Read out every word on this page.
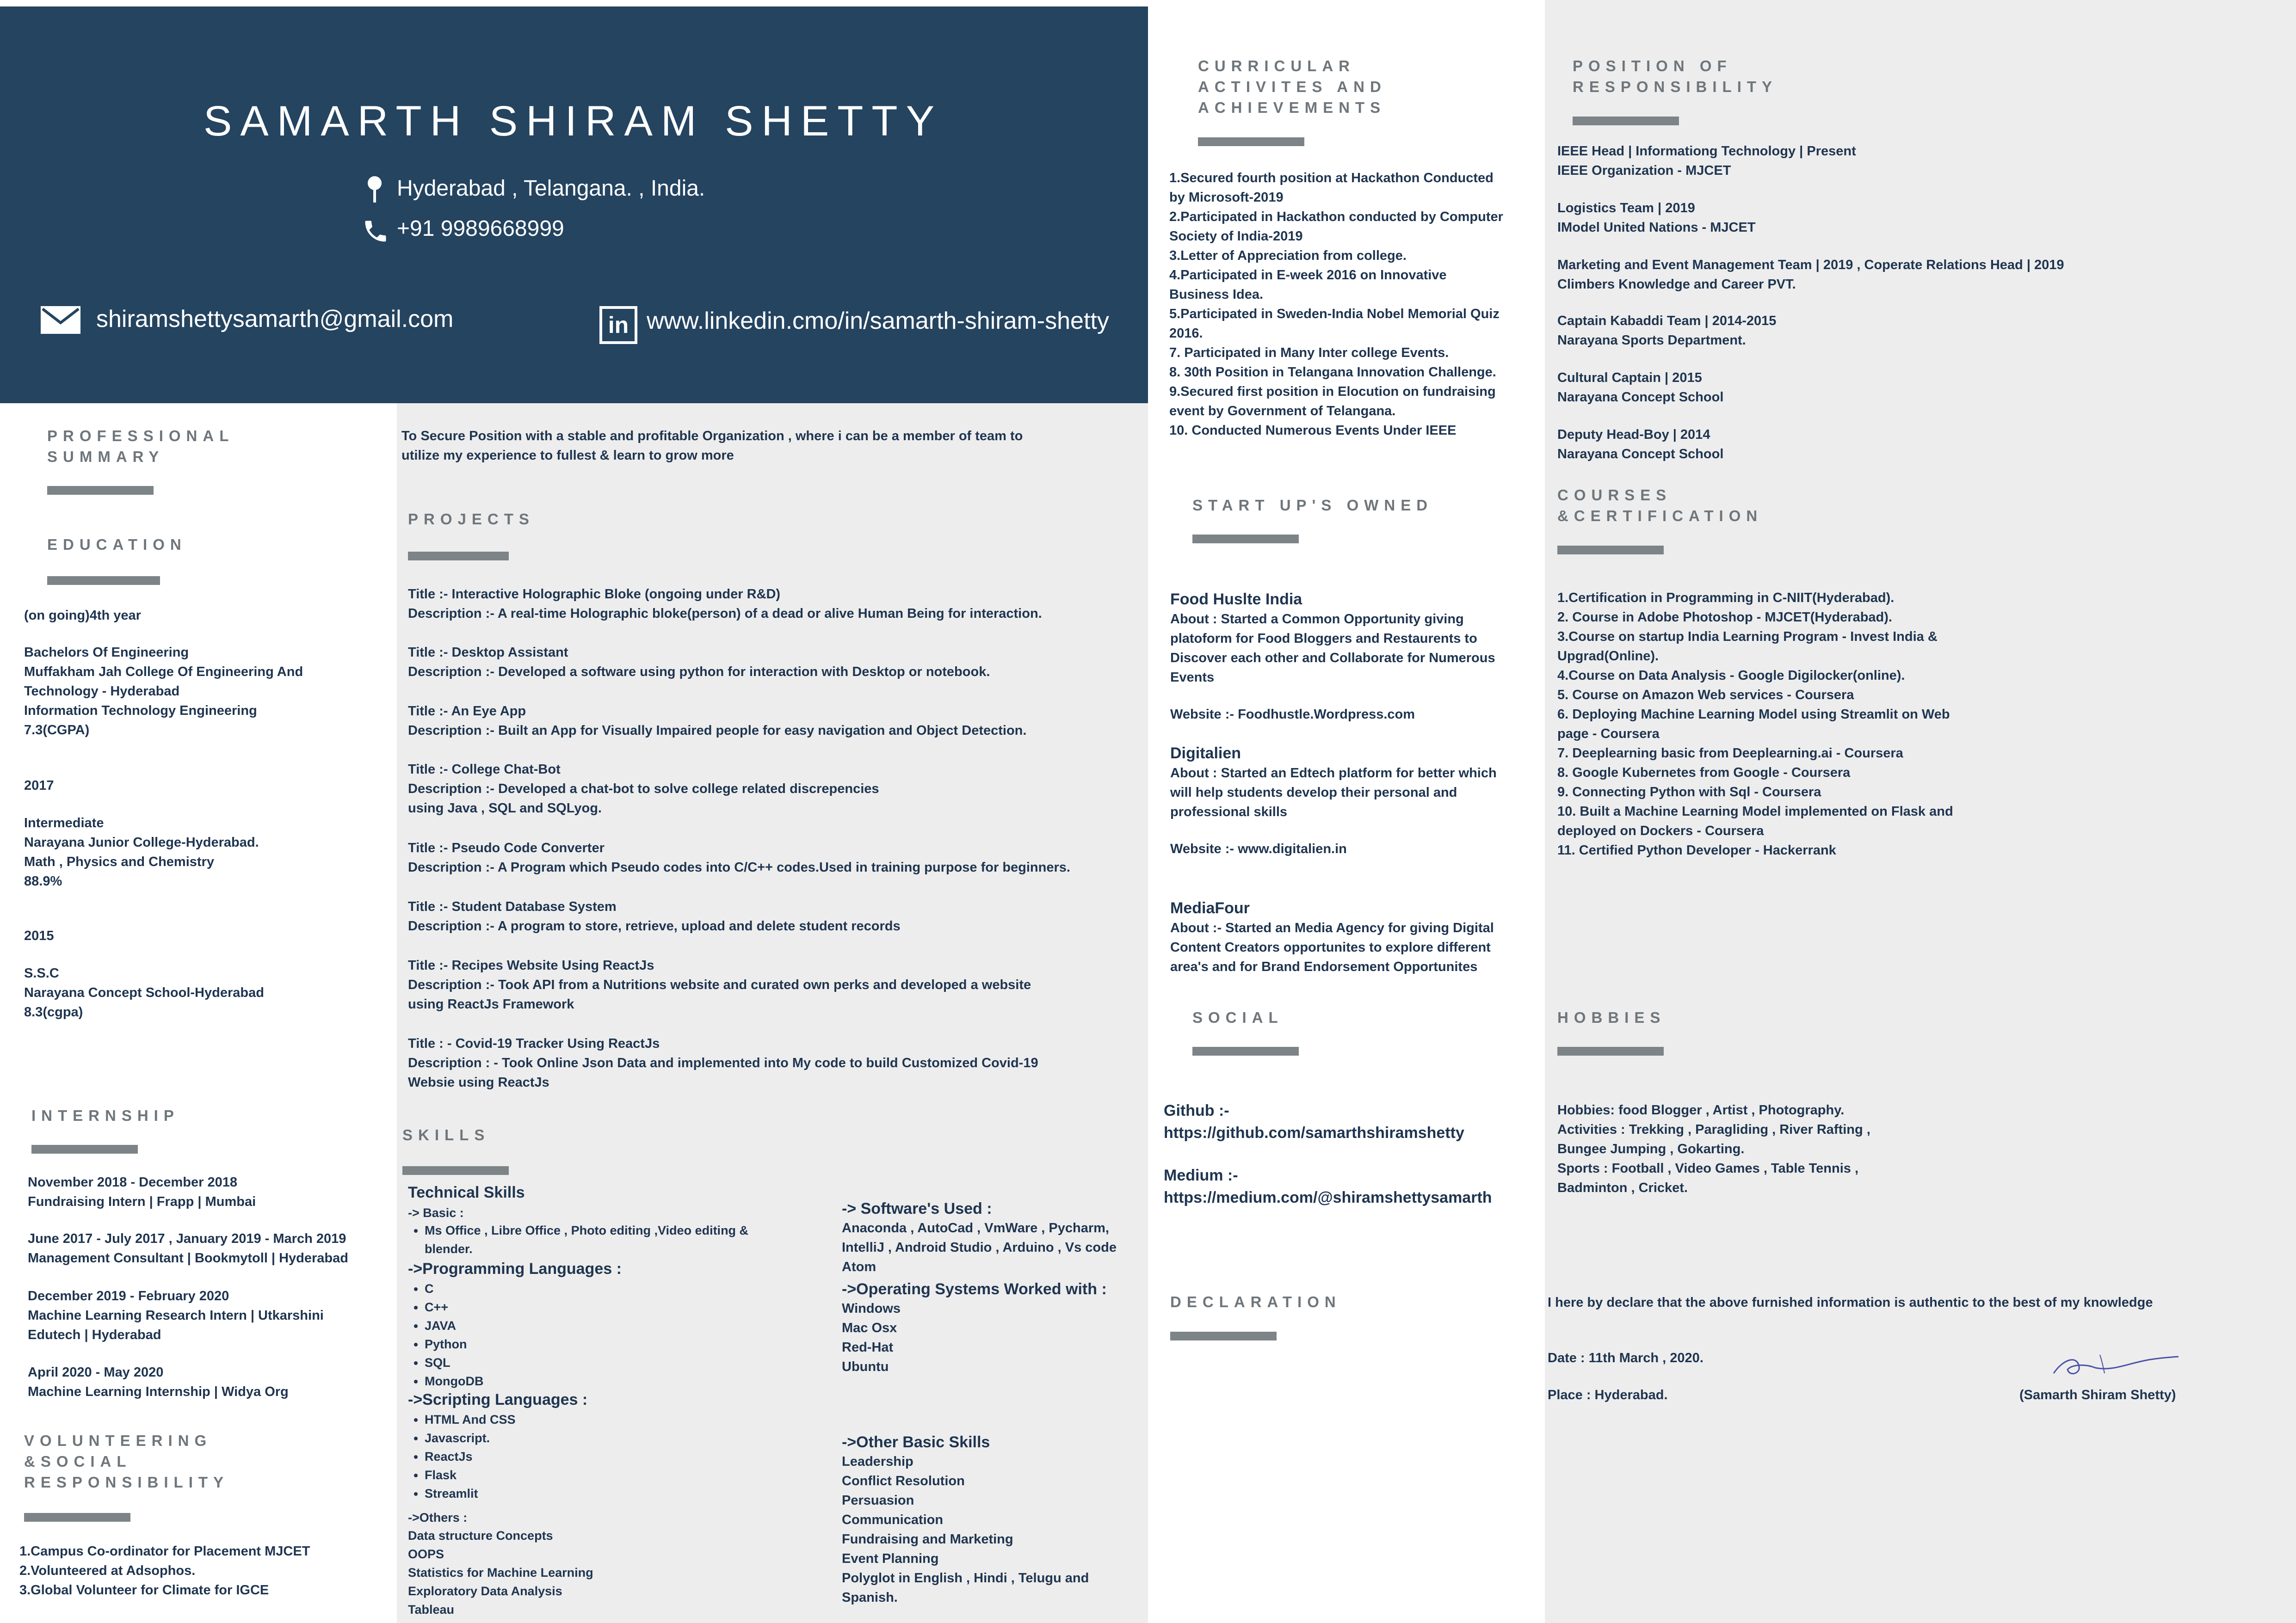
SAMARTH SHIRAM SHETTY
Hyderabad , Telangana. , India.
+91 9989668999
shiramshettysamarth@gmail.com	in www.linkedin.cmo/in/samarth-shiram-shetty
PROFESSIONAL
SUMMARY
EDUCATION
(on going)4th year
Bachelors Of Engineering
Muffakham Jah College Of Engineering And
Technology - Hyderabad
Information Technology Engineering
7.3(CGPA)
2017
Intermediate
Narayana Junior College-Hyderabad.
Math , Physics and Chemistry
88.9%
2015
S.S.C
Narayana Concept School-Hyderabad
8.3(cgpa)
INTERNSHIP
November 2018 - December 2018
Fundraising Intern | Frapp | Mumbai
June 2017 - July 2017 , January 2019 - March 2019
Management Consultant | Bookmytoll | Hyderabad
December 2019 - February 2020
Machine Learning Research Intern | Utkarshini
Edutech | Hyderabad
April 2020 - May 2020
Machine Learning Internship | Widya Org
VOLUNTEERING
&SOCIAL
RESPONSIBILITY
1.Campus Co-ordinator for Placement MJCET
2.Volunteered at Adsophos.
3.Global Volunteer for Climate for IGCE
To Secure Position with a stable and profitable Organization , where i can be a member of team to
utilize my experience to fullest & learn to grow more
PROJECTS
Title :- Interactive Holographic Bloke (ongoing under R&D)
Description :- A real-time Holographic bloke(person) of a dead or alive Human Being for interaction.
Title :- Desktop Assistant
Description :- Developed a software using python for interaction with Desktop or notebook.
Title :- An Eye App
Description :- Built an App for Visually Impaired people for easy navigation and Object Detection.
Title :- College Chat-Bot
Description :- Developed a chat-bot to solve college related discrepencies
using Java , SQL and SQLyog.
Title :- Pseudo Code Converter
Description :- A Program which Pseudo codes into C/C++ codes.Used in training purpose for beginners.
Title :- Student Database System
Description :- A program to store, retrieve, upload and delete student records
Title :- Recipes Website Using ReactJs
Description :- Took API from a Nutritions website and curated own perks and developed a website
using ReactJs Framework
Title : - Covid-19 Tracker Using ReactJs
Description : - Took Online Json Data and implemented into My code to build Customized Covid-19
Websie using ReactJs
SKILLS
Technical Skills
-> Basic :
• Ms Office , Libre Office , Photo editing ,Video editing & blender.
->Programming Languages :
• C
• C++
• JAVA
• Python
• SQL
• MongoDB
->Scripting Languages :
• HTML And CSS
• Javascript.
• ReactJs
• Flask
• Streamlit
->Others :
Data structure Concepts
OOPS
Statistics for Machine Learning
Exploratory Data Analysis
Tableau
-> Software's Used :
Anaconda , AutoCad , VmWare , Pycharm,
IntelliJ , Android Studio , Arduino , Vs code
Atom
->Operating Systems Worked with :
Windows
Mac Osx
Red-Hat
Ubuntu
->Other Basic Skills
Leadership
Conflict Resolution
Persuasion
Communication
Fundraising and Marketing
Event Planning
Polyglot in English , Hindi , Telugu and
Spanish.
CURRICULAR
ACTIVITES AND
ACHIEVEMENTS
1.Secured fourth position at Hackathon Conducted
by Microsoft-2019
2.Participated in Hackathon conducted by Computer
Society of India-2019
3.Letter of Appreciation from college.
4.Participated in E-week 2016 on Innovative
Business Idea.
5.Participated in Sweden-India Nobel Memorial Quiz
2016.
7. Participated in Many Inter college Events.
8. 30th Position in Telangana Innovation Challenge.
9.Secured first position in Elocution on fundraising
event by Government of Telangana.
10. Conducted Numerous Events Under IEEE
START UP'S OWNED
Food Huslte India
About : Started a Common Opportunity giving
platoform for Food Bloggers and Restaurents to
Discover each other and Collaborate for Numerous
Events
Website :- Foodhustle.Wordpress.com
Digitalien
About : Started an Edtech platform for better which
will help students develop their personal and
professional skills
Website :- www.digitalien.in
MediaFour
About :- Started an Media Agency for giving Digital
Content Creators opportunites to explore different
area's and for Brand Endorsement Opportunites
SOCIAL
Github :-
https://github.com/samarthshiramshetty
Medium :-
https://medium.com/@shiramshettysamarth
DECLARATION
POSITION OF
RESPONSIBILITY
IEEE Head | Informationg Technology | Present
IEEE Organization - MJCET
Logistics Team | 2019
IModel United Nations - MJCET
Marketing and Event Management Team | 2019 , Coperate Relations Head | 2019
Climbers Knowledge and Career PVT.
Captain Kabaddi Team | 2014-2015
Narayana Sports Department.
Cultural Captain | 2015
Narayana Concept School
Deputy Head-Boy | 2014
Narayana Concept School
COURSES
&CERTIFICATION
1.Certification in Programming in C-NIIT(Hyderabad).
2. Course in Adobe Photoshop - MJCET(Hyderabad).
3.Course on startup India Learning Program - Invest India &
Upgrad(Online).
4.Course on Data Analysis - Google Digilocker(online).
5. Course on Amazon Web services - Coursera
6. Deploying Machine Learning Model using Streamlit on Web
page - Coursera
7. Deeplearning basic from Deeplearning.ai - Coursera
8. Google Kubernetes from Google - Coursera
9. Connecting Python with Sql - Coursera
10. Built a Machine Learning Model implemented on Flask and
deployed on Dockers - Coursera
11. Certified Python Developer - Hackerrank
HOBBIES
Hobbies: food Blogger , Artist , Photography.
Activities : Trekking , Paragliding , River Rafting ,
Bungee Jumping , Gokarting.
Sports : Football , Video Games , Table Tennis ,
Badminton , Cricket.
I here by declare that the above furnished information is authentic to the best of my knowledge
Date : 11th March , 2020.
Place : Hyderabad.	(Samarth Shiram Shetty)
